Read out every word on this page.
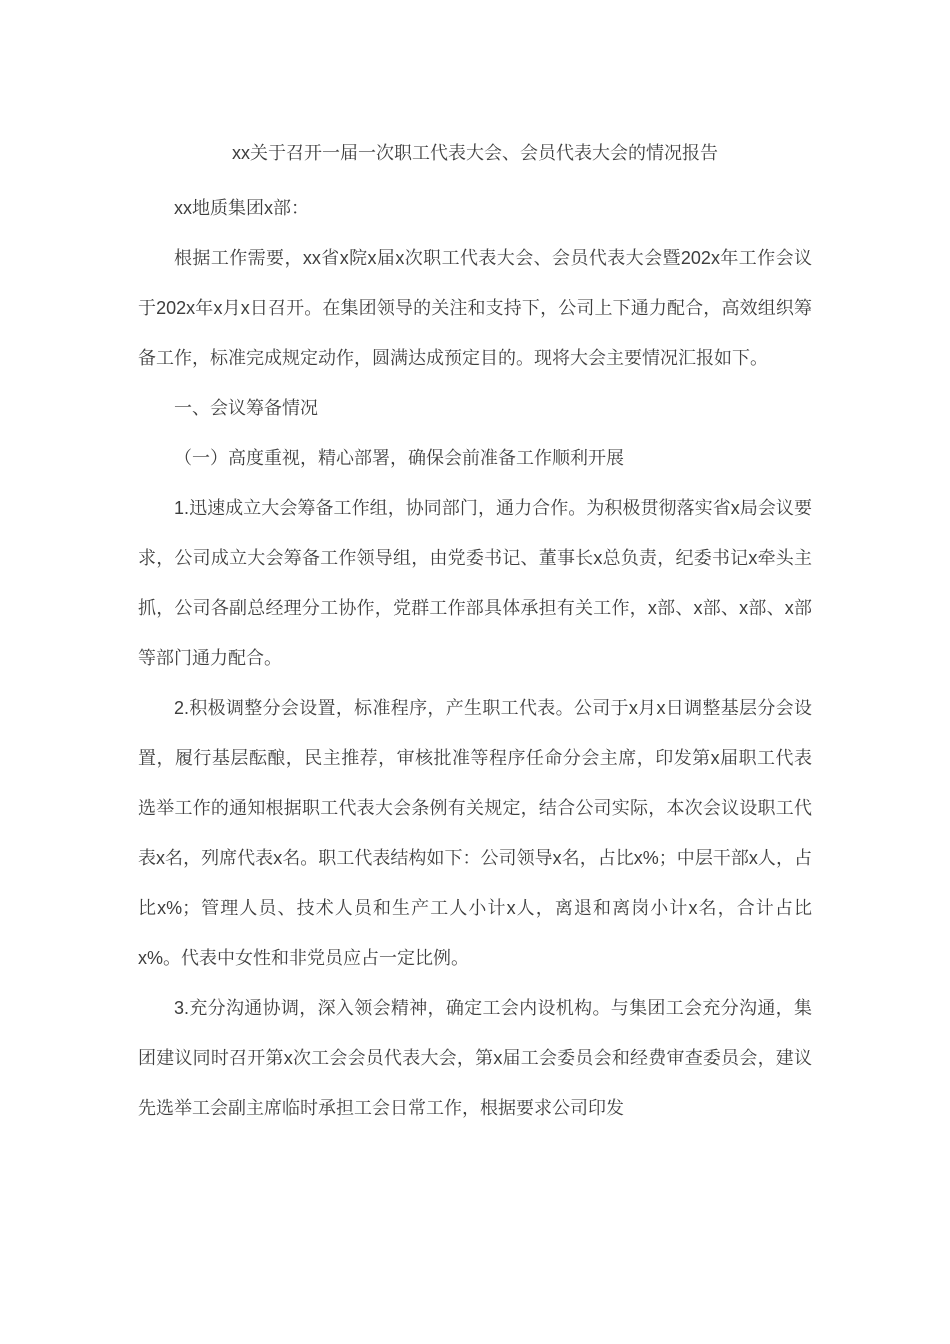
xx关于召开一届一次职工代表大会、会员代表大会的情况报告

xx地质集团x部：

根据工作需要，xx省x院x届x次职工代表大会、会员代表大会暨202x年工作会议于202x年x月x日召开。在集团领导的关注和支持下，公司上下通力配合，高效组织筹备工作，标准完成规定动作，圆满达成预定目的。现将大会主要情况汇报如下。

一、会议筹备情况

（一）高度重视，精心部署，确保会前准备工作顺利开展

1.迅速成立大会筹备工作组，协同部门，通力合作。为积极贯彻落实省x局会议要求，公司成立大会筹备工作领导组，由党委书记、董事长x总负责，纪委书记x牵头主抓，公司各副总经理分工协作，党群工作部具体承担有关工作，x部、x部、x部、x部等部门通力配合。

2.积极调整分会设置，标准程序，产生职工代表。公司于x月x日调整基层分会设置，履行基层酝酿，民主推荐，审核批准等程序任命分会主席，印发第x届职工代表选举工作的通知根据职工代表大会条例有关规定，结合公司实际，本次会议设职工代表x名，列席代表x名。职工代表结构如下：公司领导x名，占比x%；中层干部x人，占比x%；管理人员、技术人员和生产工人小计x人，离退和离岗小计x名，合计占比x%。代表中女性和非党员应占一定比例。

3.充分沟通协调，深入领会精神，确定工会内设机构。与集团工会充分沟通，集团建议同时召开第x次工会会员代表大会，第x届工会委员会和经费审查委员会，建议先选举工会副主席临时承担工会日常工作，根据要求公司印发
